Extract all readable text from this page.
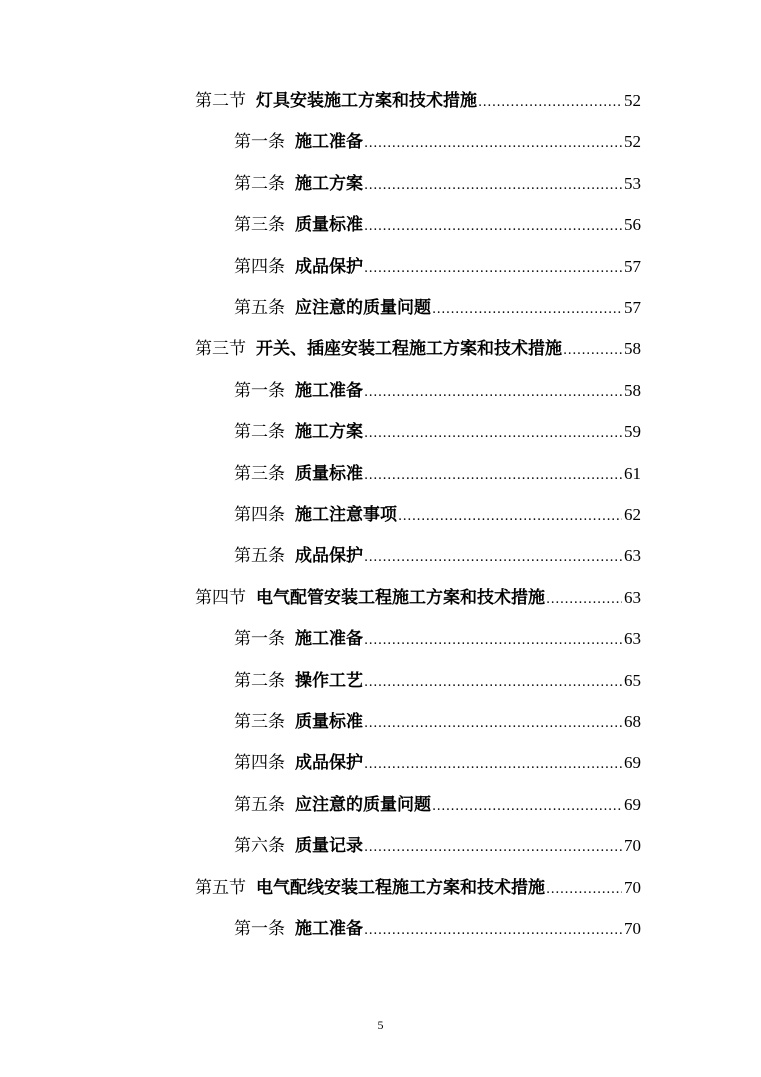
第二节 灯具安装施工方案和技术措施 .....	52
第一条 施工准备 .....	52
第二条 施工方案 .....	53
第三条 质量标准 .....	56
第四条 成品保护 .....	57
第五条 应注意的质量问题 .....	57
第三节 开关、插座安装工程施工方案和技术措施 .....	58
第一条 施工准备 .....	58
第二条 施工方案 .....	59
第三条 质量标准 .....	61
第四条 施工注意事项 .....	62
第五条 成品保护 .....	63
第四节 电气配管安装工程施工方案和技术措施 .....	63
第一条 施工准备 .....	63
第二条 操作工艺 .....	65
第三条 质量标准 .....	68
第四条 成品保护 .....	69
第五条 应注意的质量问题 .....	69
第六条 质量记录 .....	70
第五节 电气配线安装工程施工方案和技术措施 .....	70
第一条 施工准备 .....	70
5
